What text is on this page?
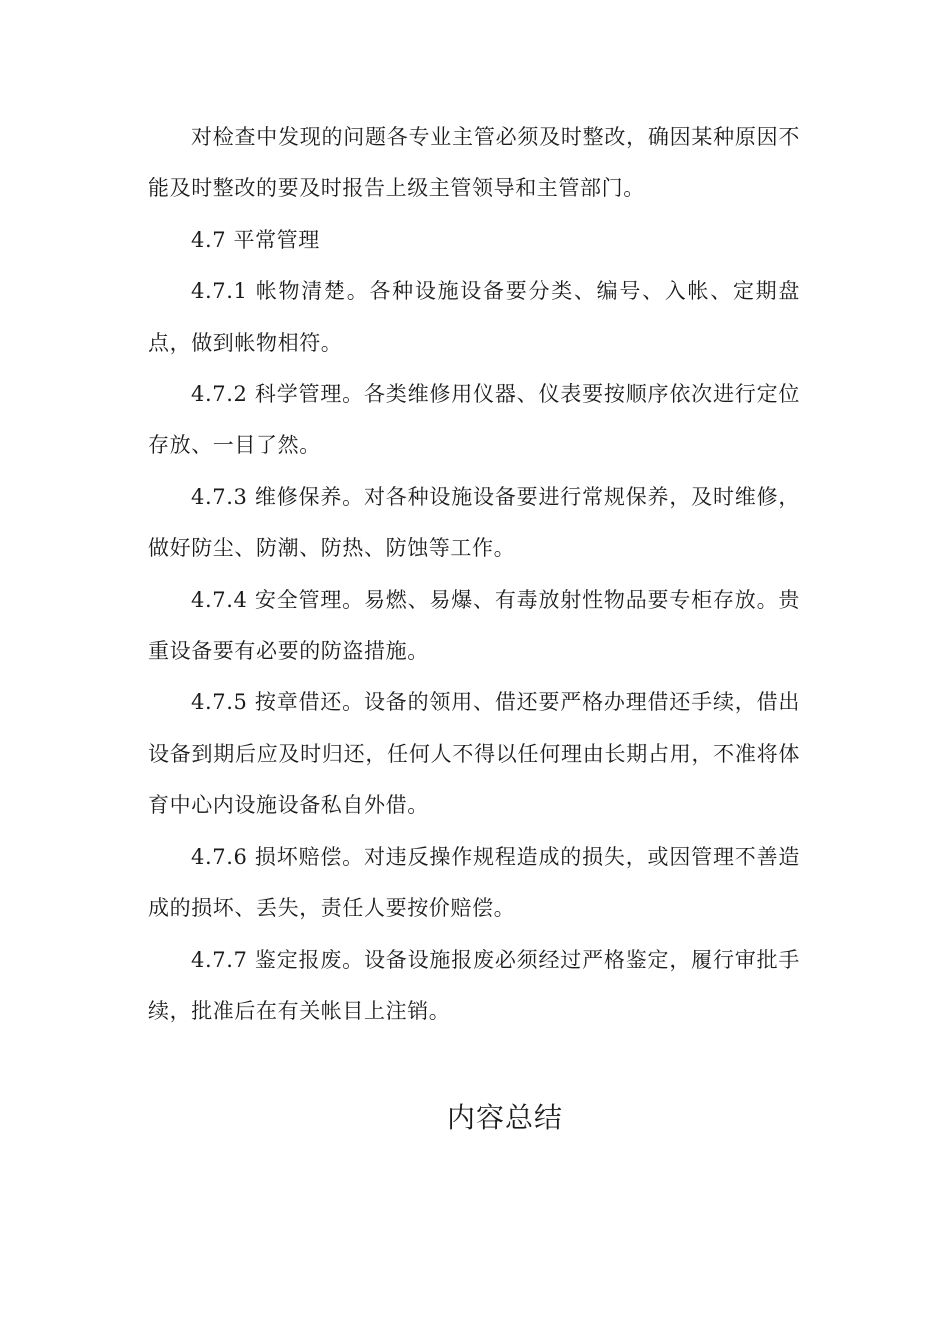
对检查中发现的问题各专业主管必须及时整改，确因某种原因不能及时整改的要及时报告上级主管领导和主管部门。

4.7 平常管理

4.7.1 帐物清楚。各种设施设备要分类、编号、入帐、定期盘点，做到帐物相符。

4.7.2 科学管理。各类维修用仪器、仪表要按顺序依次进行定位存放、一目了然。

4.7.3 维修保养。对各种设施设备要进行常规保养，及时维修，做好防尘、防潮、防热、防蚀等工作。

4.7.4 安全管理。易燃、易爆、有毒放射性物品要专柜存放。贵重设备要有必要的防盗措施。

4.7.5 按章借还。设备的领用、借还要严格办理借还手续，借出设备到期后应及时归还，任何人不得以任何理由长期占用，不准将体育中心内设施设备私自外借。

4.7.6 损坏赔偿。对违反操作规程造成的损失，或因管理不善造成的损坏、丢失，责任人要按价赔偿。

4.7.7 鉴定报废。设备设施报废必须经过严格鉴定，履行审批手续，批准后在有关帐目上注销。

内容总结
